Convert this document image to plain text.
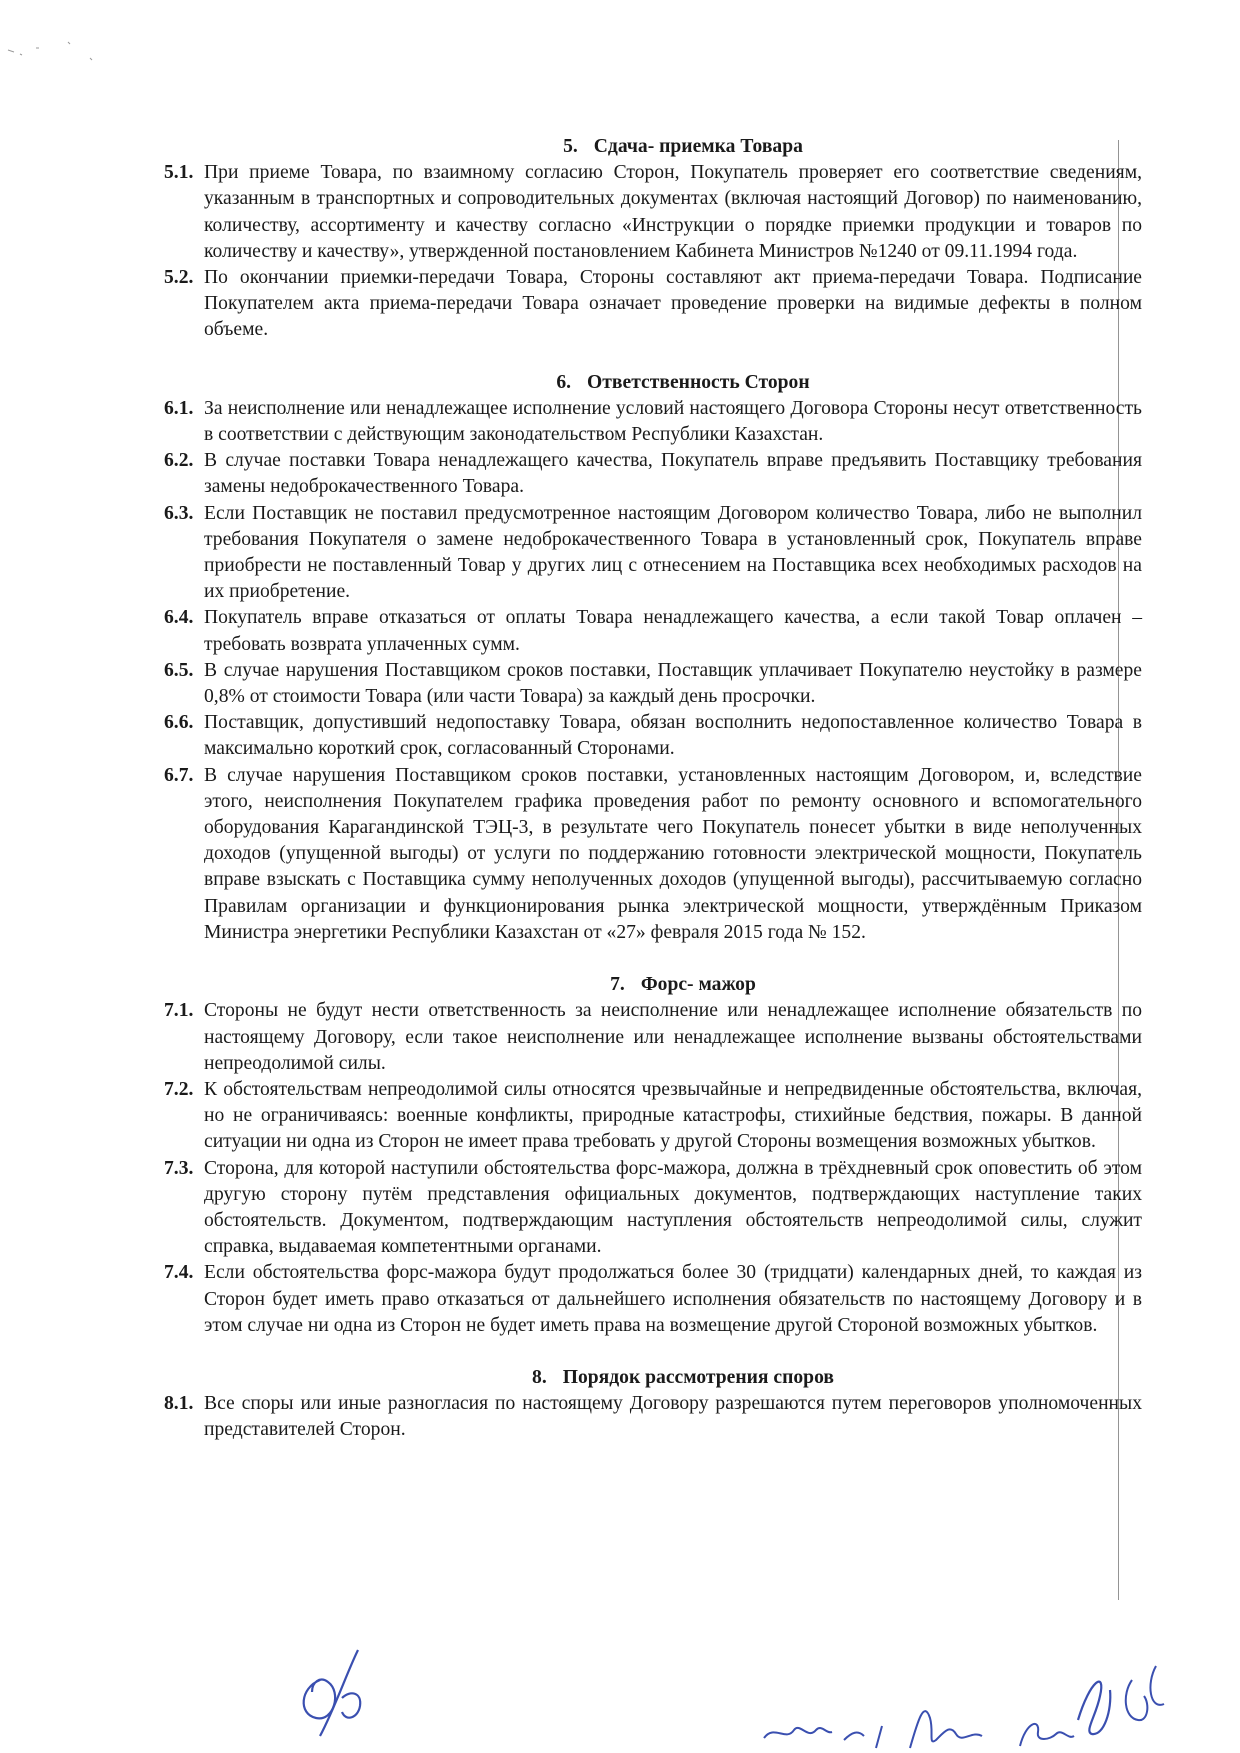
5. Сдача- приемка Товара

5.1. При приеме Товара, по взаимному согласию Сторон, Покупатель проверяет его соответствие сведениям, указанным в транспортных и сопроводительных документах (включая настоящий Договор) по наименованию, количеству, ассортименту и качеству согласно «Инструкции о порядке приемки продукции и товаров по количеству и качеству», утвержденной постановлением Кабинета Министров №1240 от 09.11.1994 года.

5.2. По окончании приемки-передачи Товара, Стороны составляют акт приема-передачи Товара. Подписание Покупателем акта приема-передачи Товара означает проведение проверки на видимые дефекты в полном объеме.

6. Ответственность Сторон

6.1. За неисполнение или ненадлежащее исполнение условий настоящего Договора Стороны несут ответственность в соответствии с действующим законодательством Республики Казахстан.

6.2. В случае поставки Товара ненадлежащего качества, Покупатель вправе предъявить Поставщику требования замены недоброкачественного Товара.

6.3. Если Поставщик не поставил предусмотренное настоящим Договором количество Товара, либо не выполнил требования Покупателя о замене недоброкачественного Товара в установленный срок, Покупатель вправе приобрести не поставленный Товар у других лиц с отнесением на Поставщика всех необходимых расходов на их приобретение.

6.4. Покупатель вправе отказаться от оплаты Товара ненадлежащего качества, а если такой Товар оплачен – требовать возврата уплаченных сумм.

6.5. В случае нарушения Поставщиком сроков поставки, Поставщик уплачивает Покупателю неустойку в размере 0,8% от стоимости Товара (или части Товара) за каждый день просрочки.

6.6. Поставщик, допустивший недопоставку Товара, обязан восполнить недопоставленное количество Товара в максимально короткий срок, согласованный Сторонами.

6.7. В случае нарушения Поставщиком сроков поставки, установленных настоящим Договором, и, вследствие этого, неисполнения Покупателем графика проведения работ по ремонту основного и вспомогательного оборудования Карагандинской ТЭЦ-3, в результате чего Покупатель понесет убытки в виде неполученных доходов (упущенной выгоды) от услуги по поддержанию готовности электрической мощности, Покупатель вправе взыскать с Поставщика сумму неполученных доходов (упущенной выгоды), рассчитываемую согласно Правилам организации и функционирования рынка электрической мощности, утверждённым Приказом Министра энергетики Республики Казахстан от «27» февраля 2015 года № 152.

7. Форс- мажор

7.1. Стороны не будут нести ответственность за неисполнение или ненадлежащее исполнение обязательств по настоящему Договору, если такое неисполнение или ненадлежащее исполнение вызваны обстоятельствами непреодолимой силы.

7.2. К обстоятельствам непреодолимой силы относятся чрезвычайные и непредвиденные обстоятельства, включая, но не ограничиваясь: военные конфликты, природные катастрофы, стихийные бедствия, пожары. В данной ситуации ни одна из Сторон не имеет права требовать у другой Стороны возмещения возможных убытков.

7.3. Сторона, для которой наступили обстоятельства форс-мажора, должна в трёхдневный срок оповестить об этом другую сторону путём представления официальных документов, подтверждающих наступление таких обстоятельств. Документом, подтверждающим наступления обстоятельств непреодолимой силы, служит справка, выдаваемая компетентными органами.

7.4. Если обстоятельства форс-мажора будут продолжаться более 30 (тридцати) календарных дней, то каждая из Сторон будет иметь право отказаться от дальнейшего исполнения обязательств по настоящему Договору и в этом случае ни одна из Сторон не будет иметь права на возмещение другой Стороной возможных убытков.

8. Порядок рассмотрения споров

8.1. Все споры или иные разногласия по настоящему Договору разрешаются путем переговоров уполномоченных представителей Сторон.
